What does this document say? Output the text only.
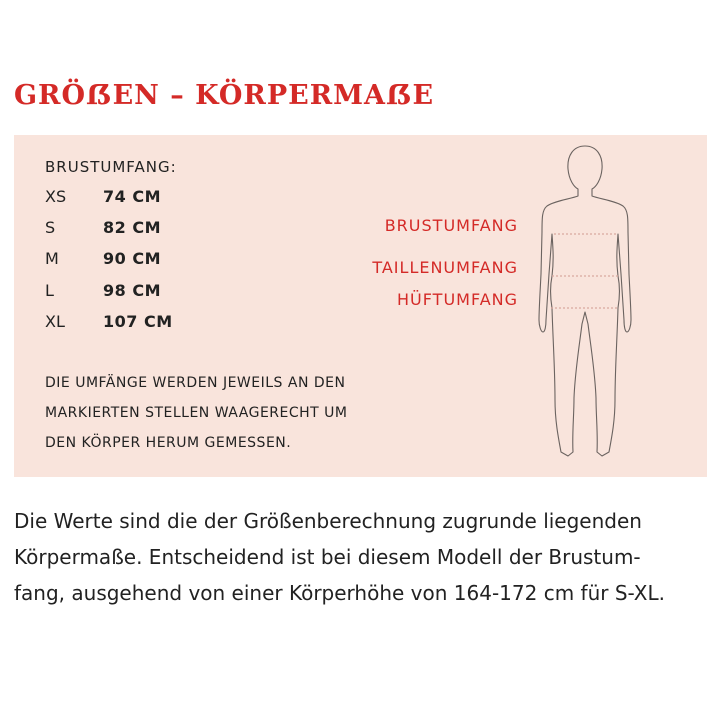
GRÖẞEN – KÖRPERMAẞE
BRUSTUMFANG:
XS 74 CM
S	82 CM
M	90 CM
L	98 CM
XL 107 CM
DIE UMFÄNGE WERDEN JEWEILS AN DEN
MARKIERTEN STELLEN WAAGERECHT UM
DEN KÖRPER HERUM GEMESSEN.
BRUSTUMFANG
TAILLENUMFANG
HÜFTUMFANG
Die Werte sind die der Größenberechnung zugrunde liegenden
Körpermaße. Entscheidend ist bei diesem Modell der Brustum-
fang, ausgehend von einer Körperhöhe von 164-172 cm für S-XL.
